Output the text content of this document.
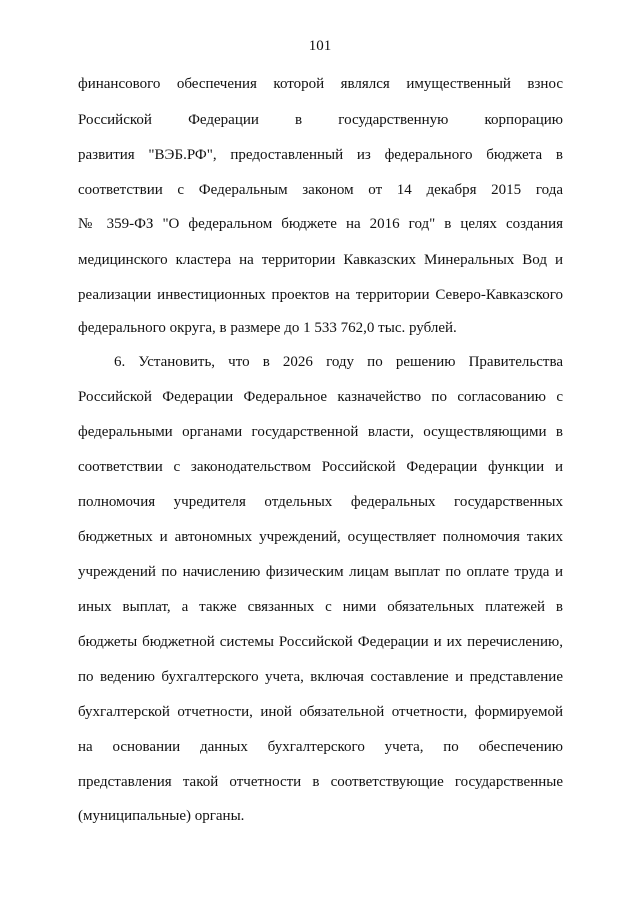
101
финансового обеспечения которой являлся имущественный взнос
Российской Федерации в государственную корпорацию
развития "ВЭБ.РФ", предоставленный из федерального бюджета в
соответствии с Федеральным законом от 14 декабря 2015 года
№ 359-ФЗ "О федеральном бюджете на 2016 год" в целях создания
медицинского кластера на территории Кавказских Минеральных Вод и
реализации инвестиционных проектов на территории Северо-Кавказского
федерального округа, в размере до 1 533 762,0 тыс. рублей.
6. Установить, что в 2026 году по решению Правительства
Российской Федерации Федеральное казначейство по согласованию с
федеральными органами государственной власти, осуществляющими в
соответствии с законодательством Российской Федерации функции и
полномочия учредителя отдельных федеральных государственных
бюджетных и автономных учреждений, осуществляет полномочия таких
учреждений по начислению физическим лицам выплат по оплате труда и
иных выплат, а также связанных с ними обязательных платежей в
бюджеты бюджетной системы Российской Федерации и их перечислению,
по ведению бухгалтерского учета, включая составление и представление
бухгалтерской отчетности, иной обязательной отчетности, формируемой
на основании данных бухгалтерского учета, по обеспечению
представления такой отчетности в соответствующие государственные
(муниципальные) органы.
